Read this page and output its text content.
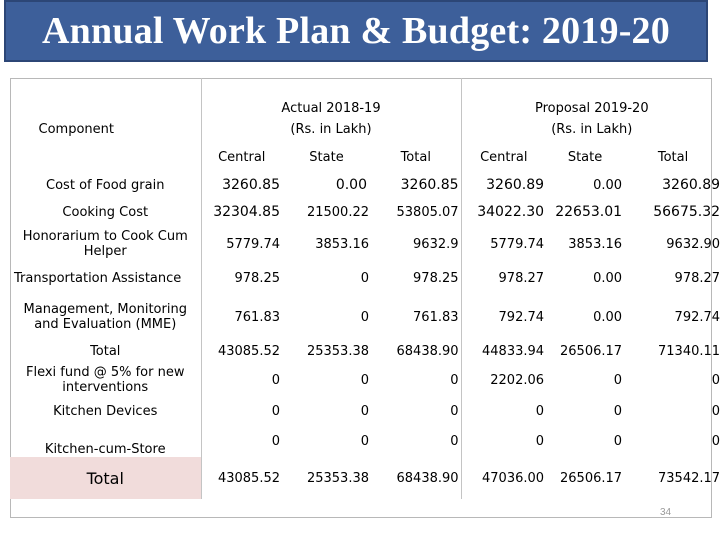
Annual Work Plan & Budget: 2019-20
	Actual 2018-19			Proposal 2019-20		
Component	(Rs. in Lakh)			(Rs. in Lakh)		
	Central	State	Total	Central	State	Total
Cost of Food grain	3260.85	0.00	3260.85	3260.89	0.00	3260.89
Cooking Cost	32304.85	21500.22	53805.07	34022.30	22653.01	56675.32
Honorarium to Cook Cum Helper	5779.74	3853.16	9632.9	5779.74	3853.16	9632.90
Transportation Assistance	978.25	0	978.25	978.27	0.00	978.27
Management, Monitoring and Evaluation (MME)	761.83	0	761.83	792.74	0.00	792.74
Total	43085.52	25353.38	68438.90	44833.94	26506.17	71340.11
Flexi fund @ 5% for new interventions	0	0	0	2202.06	0	0
Kitchen Devices	0	0	0	0	0	0
Kitchen-cum-Store	0	0	0	0	0	0
Total	43085.52	25353.38	68438.90	47036.00	26506.17	73542.17
34
